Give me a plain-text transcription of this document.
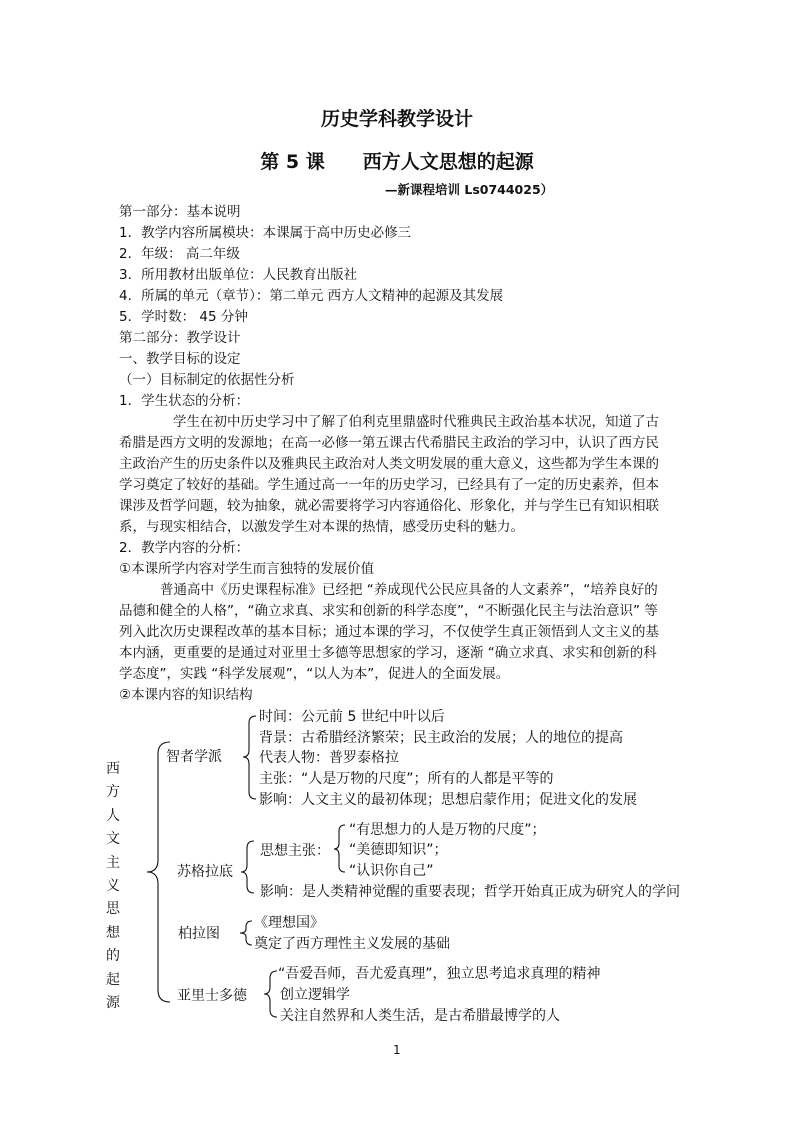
历史学科教学设计
第 5 课　　西方人文思想的起源
—新课程培训 Ls0744025）
第一部分：基本说明
1．教学内容所属模块：本课属于高中历史必修三
2．年级： 高二年级
3．所用教材出版单位：人民教育出版社
4．所属的单元（章节）：第二单元 西方人文精神的起源及其发展
5．学时数： 45 分钟
第二部分：教学设计
一、教学目标的设定
（一）目标制定的依据性分析
1．学生状态的分析：
学生在初中历史学习中了解了伯利克里鼎盛时代雅典民主政治基本状况，知道了古
希腊是西方文明的发源地；在高一必修一第五课古代希腊民主政治的学习中，认识了西方民
主政治产生的历史条件以及雅典民主政治对人类文明发展的重大意义，这些都为学生本课的
学习奠定了较好的基础。学生通过高一一年的历史学习，已经具有了一定的历史素养，但本
课涉及哲学问题，较为抽象，就必需要将学习内容通俗化、形象化，并与学生已有知识相联
系，与现实相结合，以激发学生对本课的热情，感受历史科的魅力。
2．教学内容的分析：
①本课所学内容对学生而言独特的发展价值
普通高中《历史课程标准》已经把 “养成现代公民应具备的人文素养”，“培养良好的
品德和健全的人格”，“确立求真、求实和创新的科学态度”，“不断强化民主与法治意识” 等
列入此次历史课程改革的基本目标；通过本课的学习，不仅使学生真正领悟到人文主义的基
本内涵，更重要的是通过对亚里士多德等思想家的学习，逐渐 “确立求真、求实和创新的科
学态度”，实践 “科学发展观”，“以人为本”，促进人的全面发展。
②本课内容的知识结构
西
方
人
文
主
义
思
想
的
起
源
智者学派
时间：公元前 5 世纪中叶以后
背景：古希腊经济繁荣；民主政治的发展；人的地位的提高
代表人物：普罗泰格拉
主张：“人是万物的尺度”；所有的人都是平等的
影响：人文主义的最初体现；思想启蒙作用；促进文化的发展
苏格拉底
思想主张：
“有思想力的人是万物的尺度”；
“美德即知识”；
“认识你自己”
影响：是人类精神觉醒的重要表现；哲学开始真正成为研究人的学问
柏拉图
《理想国》
奠定了西方理性主义发展的基础
亚里士多德
“吾爱吾师，吾尤爱真理”，独立思考追求真理的精神
创立逻辑学
关注自然界和人类生活，是古希腊最博学的人
1
